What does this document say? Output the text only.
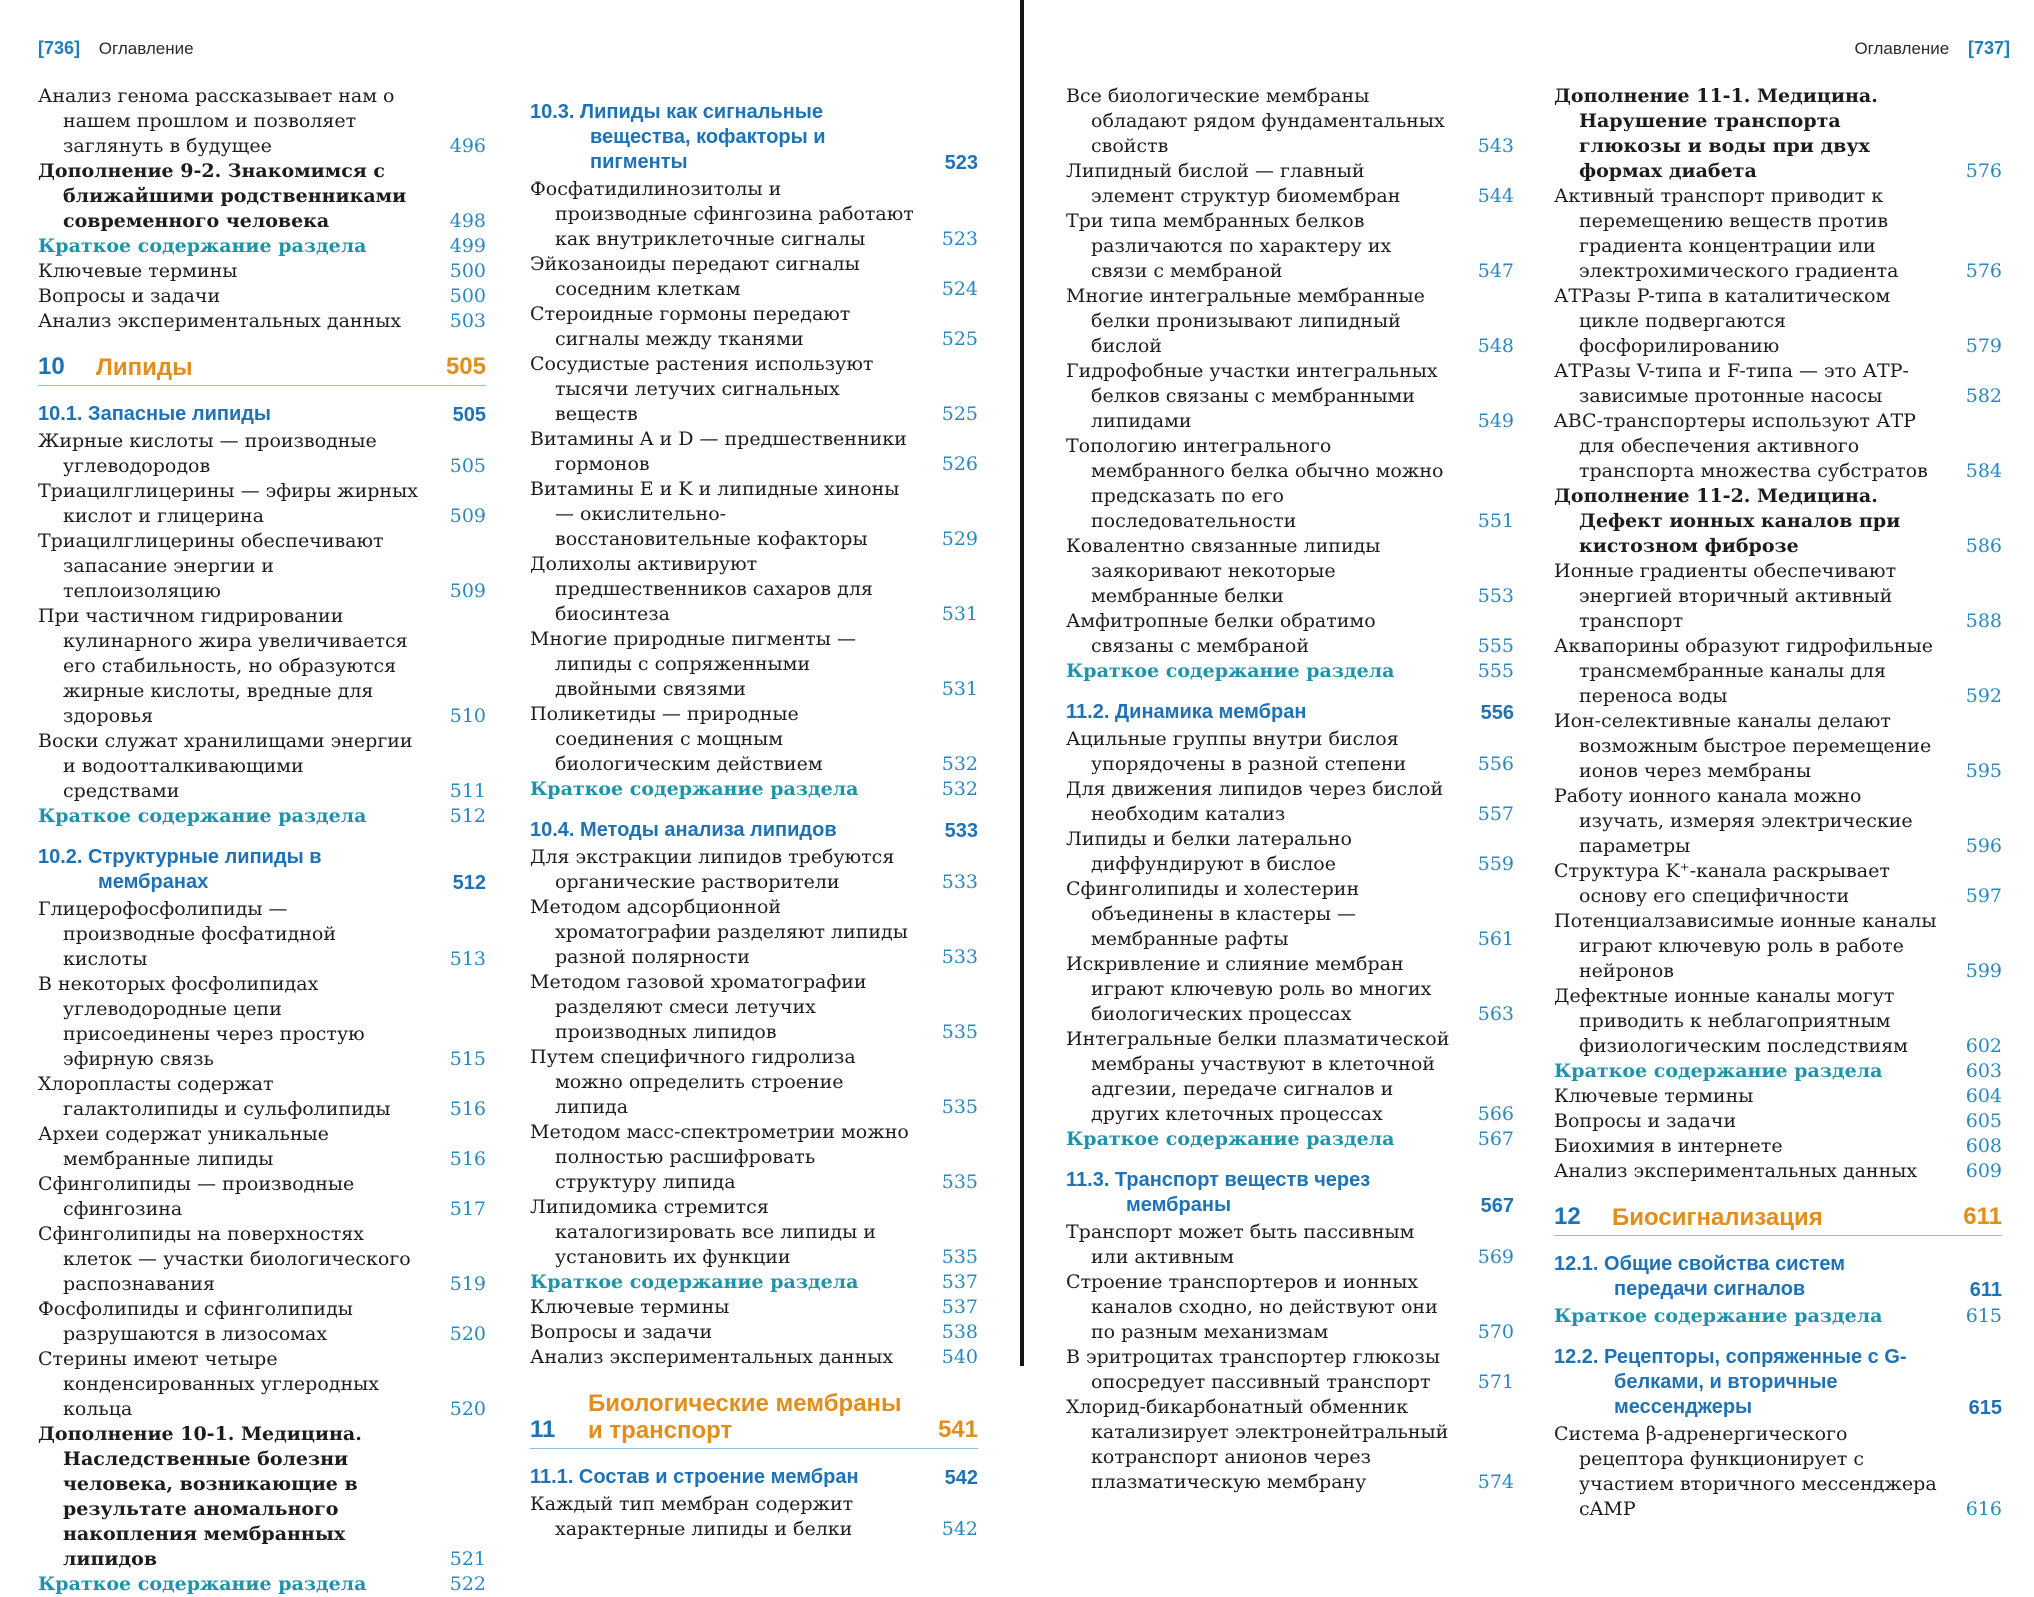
[736] Оглавление
Анализ генома рассказывает нам о нашем прошлом и позволяет заглянуть в будущее	496
Дополнение 9-2. Знакомимся с ближайшими родственниками современного человека	498
Краткое содержание раздела	499
Ключевые термины	500
Вопросы и задачи	500
Анализ экспериментальных данных	503
10 Липиды	505
10.1. Запасные липиды	505
Жирные кислоты — производные углеводородов	505
Триацилглицерины — эфиры жирных кислот и глицерина	509
Триацилглицерины обеспечивают запасание энергии и теплоизоляцию	509
При частичном гидрировании кулинарного жира увеличивается его стабильность, но образуются жирные кислоты, вредные для здоровья	510
Воски служат хранилищами энергии и водоотталкивающими средствами	511
Краткое содержание раздела	512
10.2. Структурные липиды в мембранах	512
Глицерофосфолипиды — производные фосфатидной кислоты	513
В некоторых фосфолипидах углеводородные цепи присоединены через простую эфирную связь	515
Хлоропласты содержат галактолипиды и сульфолипиды	516
Археи содержат уникальные мембранные липиды	516
Сфинголипиды — производные сфингозина	517
Сфинголипиды на поверхностях клеток — участки биологического распознавания	519
Фосфолипиды и сфинголипиды разрушаются в лизосомах	520
Стерины имеют четыре конденсированных углеродных кольца	520
Дополнение 10-1. Медицина. Наследственные болезни человека, возникающие в результате аномального накопления мембранных липидов	521
Краткое содержание раздела	522
10.3. Липиды как сигнальные вещества, кофакторы и пигменты	523
Фосфатидилинозитолы и производные сфингозина работают как внутриклеточные сигналы	523
Эйкозаноиды передают сигналы соседним клеткам	524
Стероидные гормоны передают сигналы между тканями	525
Сосудистые растения используют тысячи летучих сигнальных веществ	525
Витамины A и D — предшественники гормонов	526
Витамины E и K и липидные хиноны — окислительно-восстановительные кофакторы	529
Долихолы активируют предшественников сахаров для биосинтеза	531
Многие природные пигменты — липиды с сопряженными двойными связями	531
Поликетиды — природные соединения с мощным биологическим действием	532
Краткое содержание раздела	532
10.4. Методы анализа липидов	533
Для экстракции липидов требуются органические растворители	533
Методом адсорбционной хроматографии разделяют липиды разной полярности	533
Методом газовой хроматографии разделяют смеси летучих производных липидов	535
Путем специфичного гидролиза можно определить строение липида	535
Методом масс-спектрометрии можно полностью расшифровать структуру липида	535
Липидомика стремится каталогизировать все липиды и установить их функции	535
Краткое содержание раздела	537
Ключевые термины	537
Вопросы и задачи	538
Анализ экспериментальных данных	540
11
Биологические мембраны и транспорт	541
11.1. Состав и строение мембран	542
Каждый тип мембран содержит характерные липиды и белки	542
Оглавление [737]
Все биологические мембраны обладают рядом фундаментальных свойств	543
Липидный бислой — главный элемент структур биомембран	544
Три типа мембранных белков различаются по характеру их связи с мембраной	547
Многие интегральные мембранные белки пронизывают липидный бислой	548
Гидрофобные участки интегральных белков связаны с мембранными липидами	549
Топологию интегрального мембранного белка обычно можно предсказать по его последовательности	551
Ковалентно связанные липиды заякоривают некоторые мембранные белки	553
Амфитропные белки обратимо связаны с мембраной	555
Краткое содержание раздела	555
11.2. Динамика мембран	556
Ацильные группы внутри бислоя упорядочены в разной степени	556
Для движения липидов через бислой необходим катализ	557
Липиды и белки латерально диффундируют в бислое	559
Сфинголипиды и холестерин объединены в кластеры — мембранные рафты	561
Искривление и слияние мембран играют ключевую роль во многих биологических процессах	563
Интегральные белки плазматической мембраны участвуют в клеточной адгезии, передаче сигналов и других клеточных процессах	566
Краткое содержание раздела	567
11.3. Транспорт веществ через мембраны	567
Транспорт может быть пассивным или активным	569
Строение транспортеров и ионных каналов сходно, но действуют они по разным механизмам	570
В эритроцитах транспортер глюкозы опосредует пассивный транспорт	571
Хлорид-бикарбонатный обменник катализирует электронейтральный котранспорт анионов через плазматическую мембрану	574
Дополнение 11-1. Медицина. Нарушение транспорта глюкозы и воды при двух формах диабета	576
Активный транспорт приводит к перемещению веществ против градиента концентрации или электрохимического градиента	576
АТРазы P-типа в каталитическом цикле подвергаются фосфорилированию	579
АТРазы V-типа и F-типа — это АТР-зависимые протонные насосы	582
ABC-транспортеры используют АТР для обеспечения активного транспорта множества субстратов	584
Дополнение 11-2. Медицина. Дефект ионных каналов при кистозном фиброзе	586
Ионные градиенты обеспечивают энергией вторичный активный транспорт	588
Аквапорины образуют гидрофильные трансмембранные каналы для переноса воды	592
Ион-селективные каналы делают возможным быстрое перемещение ионов через мембраны	595
Работу ионного канала можно изучать, измеряя электрические параметры	596
Структура K⁺-канала раскрывает основу его специфичности	597
Потенциалзависимые ионные каналы играют ключевую роль в работе нейронов	599
Дефектные ионные каналы могут приводить к неблагоприятным физиологическим последствиям	602
Краткое содержание раздела	603
Ключевые термины	604
Вопросы и задачи	605
Биохимия в интернете	608
Анализ экспериментальных данных	609
12 Биосигнализация	611
12.1. Общие свойства систем передачи сигналов	611
Краткое содержание раздела	615
12.2. Рецепторы, сопряженные с G-белками, и вторичные мессенджеры	615
Система β-адренергического рецептора функционирует с участием вторичного мессенджера cAMP	616
